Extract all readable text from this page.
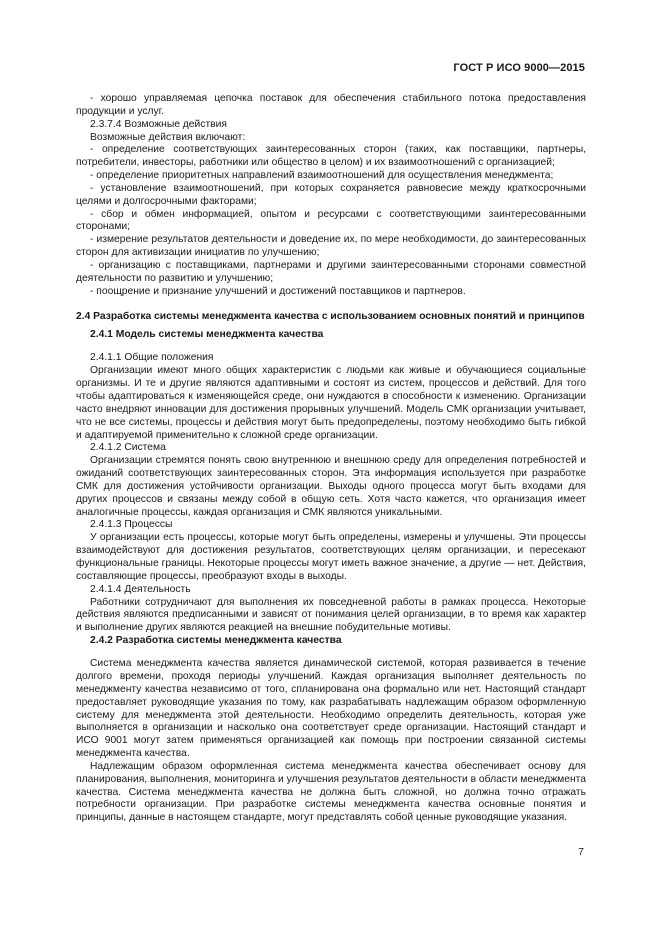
ГОСТ Р ИСО 9000—2015

- хорошо управляемая цепочка поставок для обеспечения стабильного потока предоставления продукции и услуг.

2.3.7.4 Возможные действия

Возможные действия включают:

- определение соответствующих заинтересованных сторон (таких, как поставщики, партнеры, потребители, инвесторы, работники или общество в целом) и их взаимоотношений с организацией;

- определение приоритетных направлений взаимоотношений для осуществления менеджмента;

- установление взаимоотношений, при которых сохраняется равновесие между краткосрочными целями и долгосрочными факторами;

- сбор и обмен информацией, опытом и ресурсами с соответствующими заинтересованными сторонами;

- измерение результатов деятельности и доведение их, по мере необходимости, до заинтересованных сторон для активизации инициатив по улучшению;

- организацию с поставщиками, партнерами и другими заинтересованными сторонами совместной деятельности по развитию и улучшению;

- поощрение и признание улучшений и достижений поставщиков и партнеров.

2.4 Разработка системы менеджмента качества с использованием основных понятий и принципов

2.4.1 Модель системы менеджмента качества

2.4.1.1 Общие положения

Организации имеют много общих характеристик с людьми как живые и обучающиеся социальные организмы. И те и другие являются адаптивными и состоят из систем, процессов и действий. Для того чтобы адаптироваться к изменяющейся среде, они нуждаются в способности к изменению. Организации часто внедряют инновации для достижения прорывных улучшений. Модель СМК организации учитывает, что не все системы, процессы и действия могут быть предопределены, поэтому необходимо быть гибкой и адаптируемой применительно к сложной среде организации.

2.4.1.2 Система

Организации стремятся понять свою внутреннюю и внешнюю среду для определения потребностей и ожиданий соответствующих заинтересованных сторон. Эта информация используется при разработке СМК для достижения устойчивости организации. Выходы одного процесса могут быть входами для других процессов и связаны между собой в общую сеть. Хотя часто кажется, что организация имеет аналогичные процессы, каждая организация и СМК являются уникальными.

2.4.1.3 Процессы

У организации есть процессы, которые могут быть определены, измерены и улучшены. Эти процессы взаимодействуют для достижения результатов, соответствующих целям организации, и пересекают функциональные границы. Некоторые процессы могут иметь важное значение, а другие — нет. Действия, составляющие процессы, преобразуют входы в выходы.

2.4.1.4 Деятельность

Работники сотрудничают для выполнения их повседневной работы в рамках процесса. Некоторые действия являются предписанными и зависят от понимания целей организации, в то время как характер и выполнение других являются реакцией на внешние побудительные мотивы.

2.4.2 Разработка системы менеджмента качества

Система менеджмента качества является динамической системой, которая развивается в течение долгого времени, проходя периоды улучшений. Каждая организация выполняет деятельность по менеджменту качества независимо от того, спланирована она формально или нет. Настоящий стандарт предоставляет руководящие указания по тому, как разрабатывать надлежащим образом оформленную систему для менеджмента этой деятельности. Необходимо определить деятельность, которая уже выполняется в организации и насколько она соответствует среде организации. Настоящий стандарт и ИСО 9001 могут затем применяться организацией как помощь при построении связанной системы менеджмента качества.

Надлежащим образом оформленная система менеджмента качества обеспечивает основу для планирования, выполнения, мониторинга и улучшения результатов деятельности в области менеджмента качества. Система менеджмента качества не должна быть сложной, но должна точно отражать потребности организации. При разработке системы менеджмента качества основные понятия и принципы, данные в настоящем стандарте, могут представлять собой ценные руководящие указания.

7
